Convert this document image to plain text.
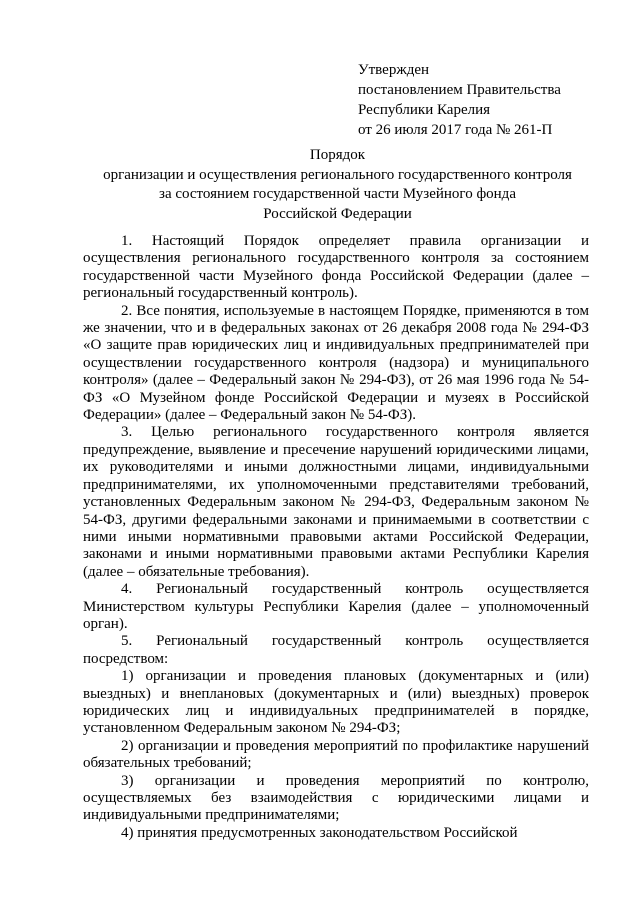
Утвержден
постановлением Правительства
Республики Карелия
от 26 июля 2017 года № 261-П
Порядок
организации и осуществления регионального государственного контроля
за состоянием государственной части Музейного фонда
Российской Федерации

1. Настоящий Порядок определяет правила организации и осуществления регионального государственного контроля за состоянием государственной части Музейного фонда Российской Федерации (далее – региональный государственный контроль).

2. Все понятия, используемые в настоящем Порядке, применяются в том же значении, что и в федеральных законах от 26 декабря 2008 года № 294-ФЗ «О защите прав юридических лиц и индивидуальных предпринимателей при осуществлении государственного контроля (надзора) и муниципального контроля» (далее – Федеральный закон № 294-ФЗ), от 26 мая 1996 года № 54-ФЗ «О Музейном фонде Российской Федерации и музеях в Российской Федерации» (далее – Федеральный закон № 54-ФЗ).

3. Целью регионального государственного контроля является предупреждение, выявление и пресечение нарушений юридическими лицами, их руководителями и иными должностными лицами, индивидуальными предпринимателями, их уполномоченными представителями требований, установленных Федеральным законом № 294-ФЗ, Федеральным законом № 54-ФЗ, другими федеральными законами и принимаемыми в соответствии с ними иными нормативными правовыми актами Российской Федерации, законами и иными нормативными правовыми актами Республики Карелия (далее – обязательные требования).

4. Региональный государственный контроль осуществляется Министерством культуры Республики Карелия (далее – уполномоченный орган).

5. Региональный государственный контроль осуществляется посредством:

1) организации и проведения плановых (документарных и (или) выездных) и внеплановых (документарных и (или) выездных) проверок юридических лиц и индивидуальных предпринимателей в порядке, установленном Федеральным законом № 294-ФЗ;

2) организации и проведения мероприятий по профилактике нарушений обязательных требований;

3) организации и проведения мероприятий по контролю, осуществляемых без взаимодействия с юридическими лицами и индивидуальными предпринимателями;

4) принятия предусмотренных законодательством Российской
